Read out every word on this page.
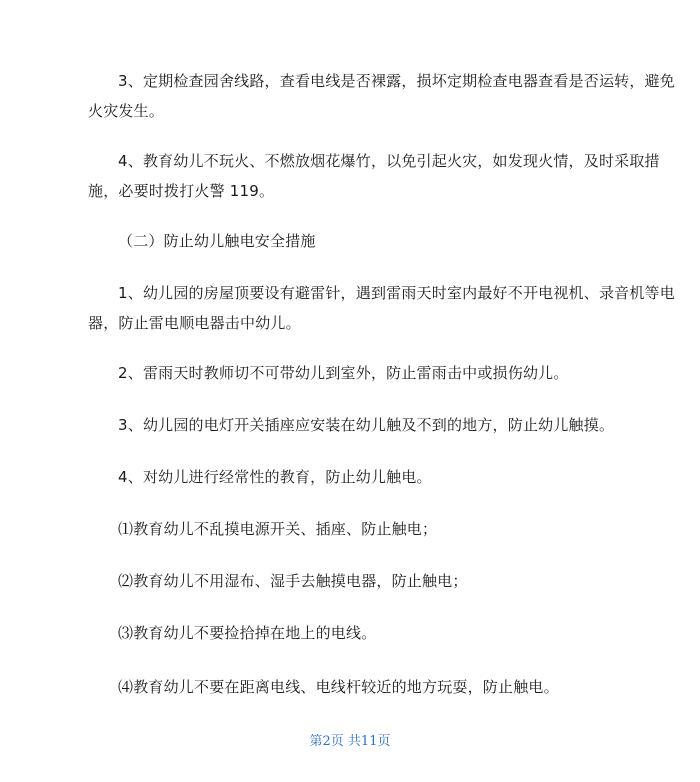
3、定期检查园舍线路，查看电线是否裸露，损坏定期检查电器查看是否运转，避免
火灾发生。

4、教育幼儿不玩火、不燃放烟花爆竹，以免引起火灾，如发现火情，及时采取措
施，必要时拨打火警 119。

（二）防止幼儿触电安全措施

1、幼儿园的房屋顶要设有避雷针，遇到雷雨天时室内最好不开电视机、录音机等电
器，防止雷电顺电器击中幼儿。

2、雷雨天时教师切不可带幼儿到室外，防止雷雨击中或损伤幼儿。

3、幼儿园的电灯开关插座应安装在幼儿触及不到的地方，防止幼儿触摸。

4、对幼儿进行经常性的教育，防止幼儿触电。

⑴教育幼儿不乱摸电源开关、插座、防止触电；

⑵教育幼儿不用湿布、湿手去触摸电器，防止触电；

⑶教育幼儿不要捡拾掉在地上的电线。

⑷教育幼儿不要在距离电线、电线杆较近的地方玩耍，防止触电。

第2页 共11页
